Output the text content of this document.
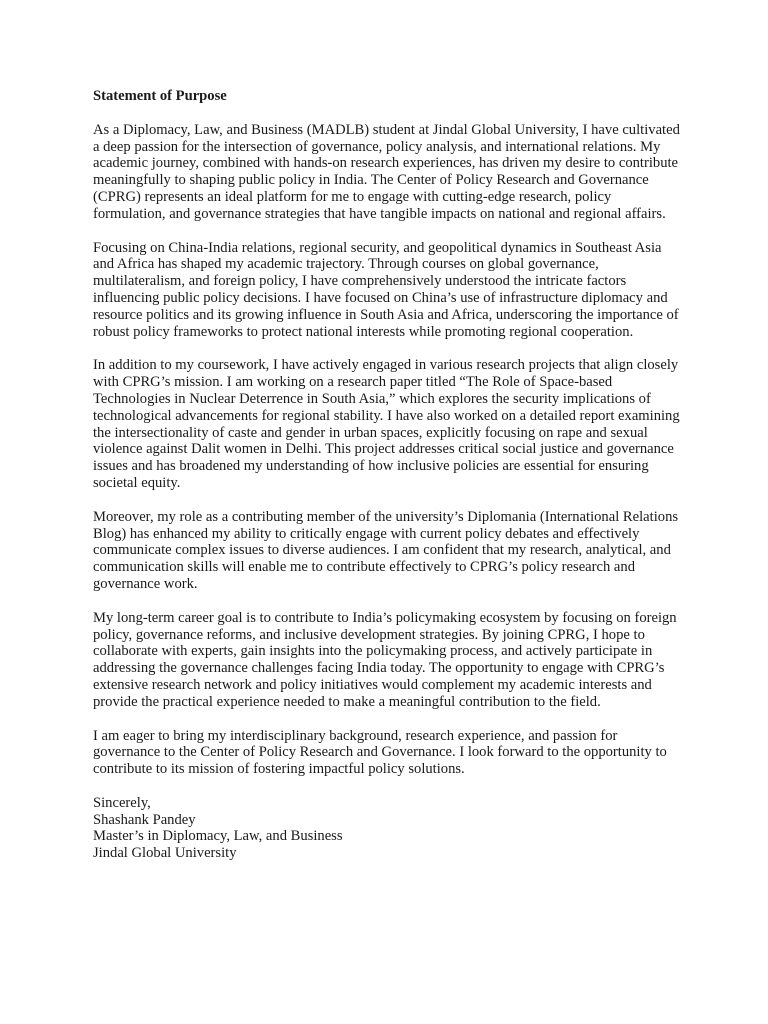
Statement of Purpose

As a Diplomacy, Law, and Business (MADLB) student at Jindal Global University, I have cultivated a deep passion for the intersection of governance, policy analysis, and international relations. My academic journey, combined with hands-on research experiences, has driven my desire to contribute meaningfully to shaping public policy in India. The Center of Policy Research and Governance (CPRG) represents an ideal platform for me to engage with cutting-edge research, policy formulation, and governance strategies that have tangible impacts on national and regional affairs.

Focusing on China-India relations, regional security, and geopolitical dynamics in Southeast Asia and Africa has shaped my academic trajectory. Through courses on global governance, multilateralism, and foreign policy, I have comprehensively understood the intricate factors influencing public policy decisions. I have focused on China’s use of infrastructure diplomacy and resource politics and its growing influence in South Asia and Africa, underscoring the importance of robust policy frameworks to protect national interests while promoting regional cooperation.

In addition to my coursework, I have actively engaged in various research projects that align closely with CPRG’s mission. I am working on a research paper titled “The Role of Space-based Technologies in Nuclear Deterrence in South Asia,” which explores the security implications of technological advancements for regional stability. I have also worked on a detailed report examining the intersectionality of caste and gender in urban spaces, explicitly focusing on rape and sexual violence against Dalit women in Delhi. This project addresses critical social justice and governance issues and has broadened my understanding of how inclusive policies are essential for ensuring societal equity.

Moreover, my role as a contributing member of the university’s Diplomania (International Relations Blog) has enhanced my ability to critically engage with current policy debates and effectively communicate complex issues to diverse audiences. I am confident that my research, analytical, and communication skills will enable me to contribute effectively to CPRG’s policy research and governance work.

My long-term career goal is to contribute to India’s policymaking ecosystem by focusing on foreign policy, governance reforms, and inclusive development strategies. By joining CPRG, I hope to collaborate with experts, gain insights into the policymaking process, and actively participate in addressing the governance challenges facing India today. The opportunity to engage with CPRG’s extensive research network and policy initiatives would complement my academic interests and provide the practical experience needed to make a meaningful contribution to the field.

I am eager to bring my interdisciplinary background, research experience, and passion for governance to the Center of Policy Research and Governance. I look forward to the opportunity to contribute to its mission of fostering impactful policy solutions.

Sincerely,
Shashank Pandey
Master’s in Diplomacy, Law, and Business
Jindal Global University
